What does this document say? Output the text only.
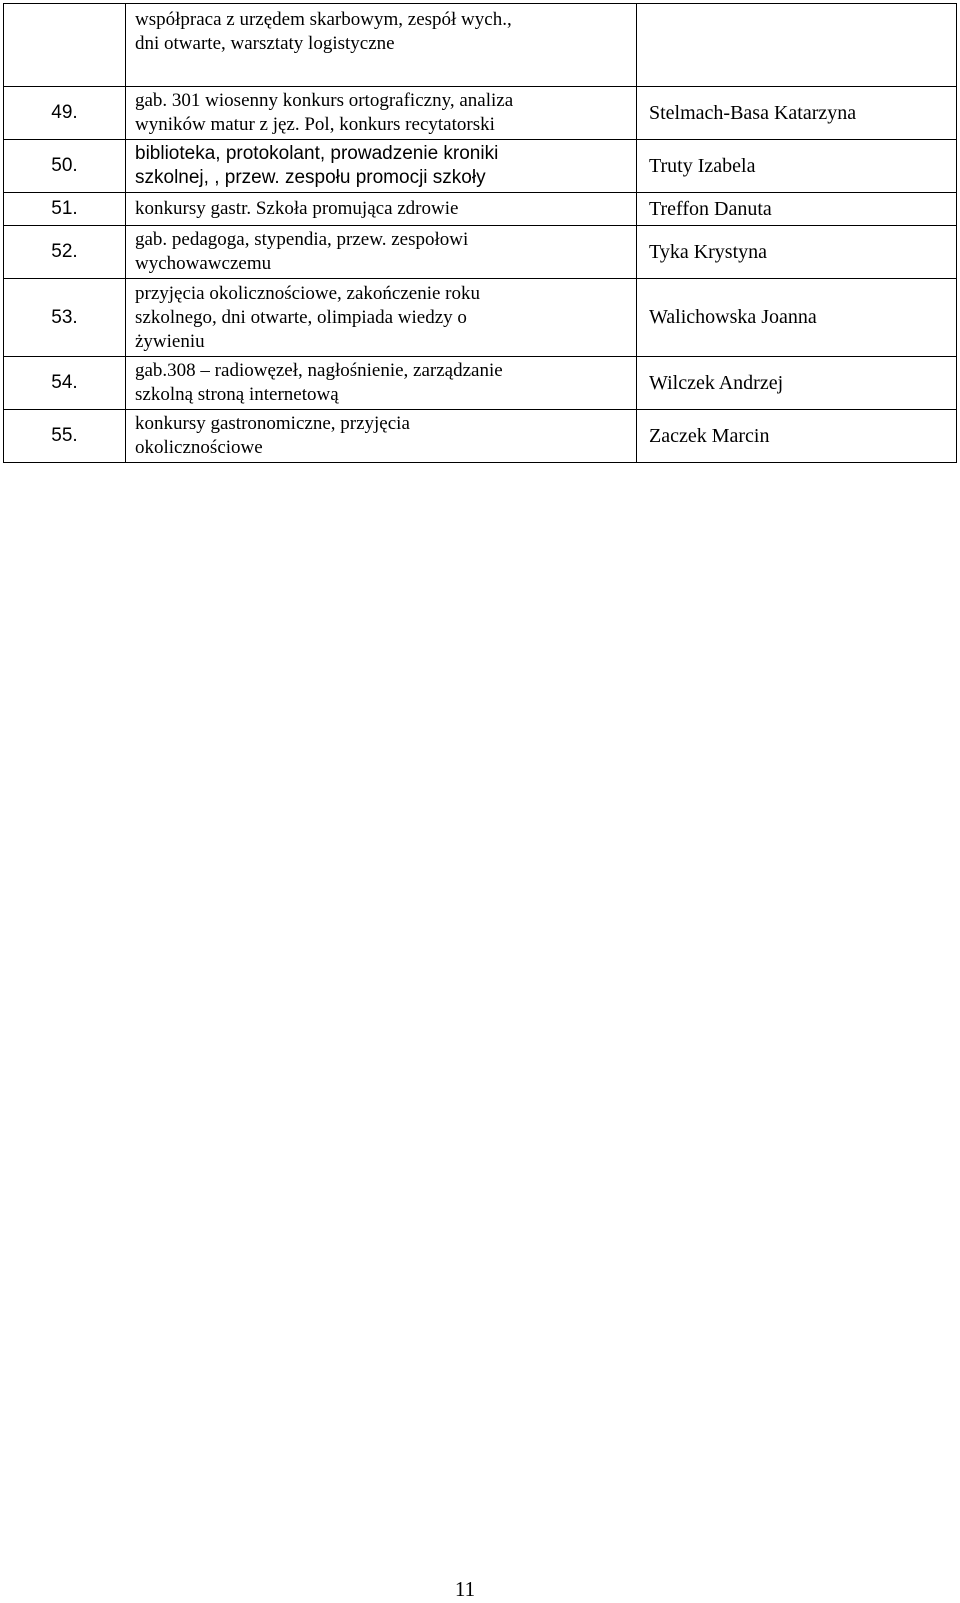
	współpraca z urzędem skarbowym, zespół wych.,
dni otwarte, warsztaty logistyczne	

49.	gab. 301 wiosenny konkurs ortograficzny, analiza
wyników matur z jęz. Pol, konkurs recytatorski	Stelmach-Basa Katarzyna
50.	biblioteka, protokolant, prowadzenie kroniki
szkolnej, , przew. zespołu promocji szkoły	Truty Izabela
51.	konkursy gastr. Szkoła promująca zdrowie	Treffon Danuta
52.	gab. pedagoga, stypendia, przew. zespołowi
wychowawczemu	Tyka Krystyna
53.	przyjęcia okolicznościowe, zakończenie roku
szkolnego, dni otwarte, olimpiada wiedzy o
żywieniu	Walichowska Joanna
54.	gab.308 – radiowęzeł, nagłośnienie, zarządzanie
szkolną stroną internetową	Wilczek Andrzej
55.	konkursy gastronomiczne, przyjęcia
okolicznościowe	Zaczek Marcin
11
